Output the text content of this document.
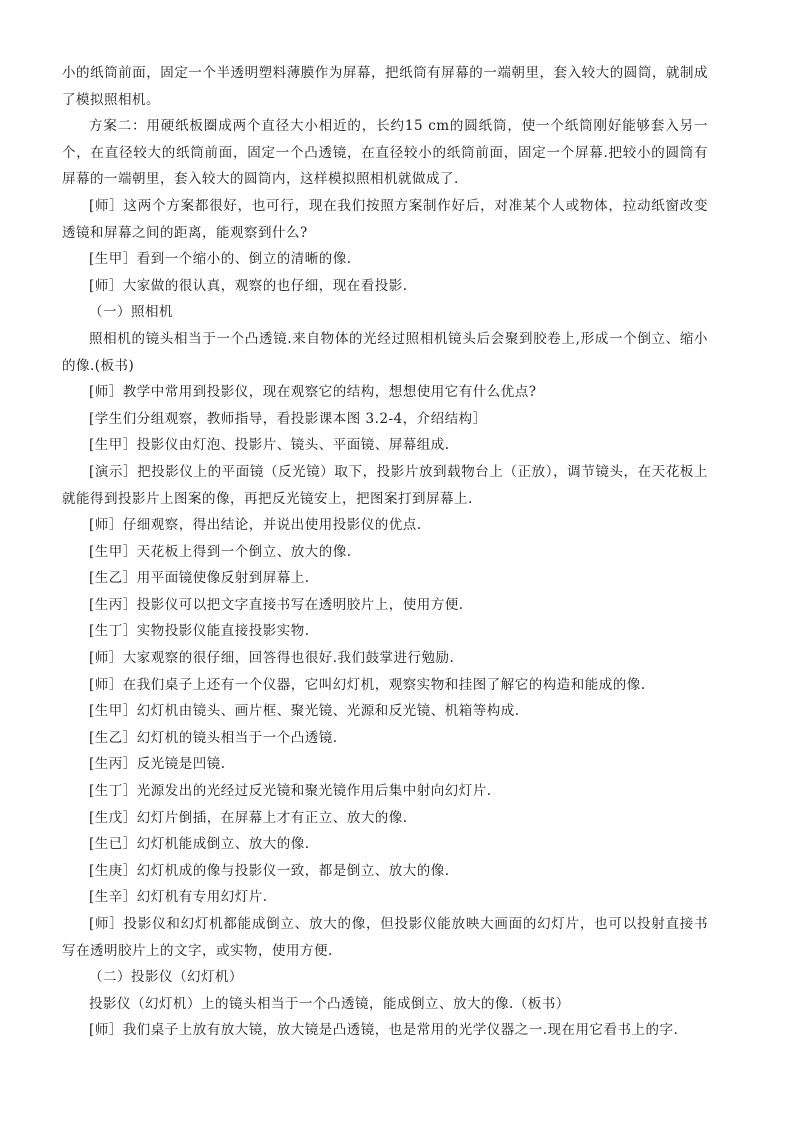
小的纸筒前面，固定一个半透明塑料薄膜作为屏幕，把纸筒有屏幕的一端朝里，套入较大的圆筒，就制成了模拟照相机。

方案二：用硬纸板圈成两个直径大小相近的，长约15 cm的圆纸筒，使一个纸筒刚好能够套入另一个，在直径较大的纸筒前面，固定一个凸透镜，在直径较小的纸筒前面，固定一个屏幕.把较小的圆筒有屏幕的一端朝里，套入较大的圆筒内，这样模拟照相机就做成了.

[师］这两个方案都很好，也可行，现在我们按照方案制作好后，对准某个人或物体，拉动纸窗改变透镜和屏幕之间的距离，能观察到什么?

[生甲］看到一个缩小的、倒立的清晰的像.

[师］大家做的很认真，观察的也仔细，现在看投影.

（一）照相机

照相机的镜头相当于一个凸透镜.来自物体的光经过照相机镜头后会聚到胶卷上,形成一个倒立、缩小的像.(板书)

[师］教学中常用到投影仪，现在观察它的结构，想想使用它有什么优点?

[学生们分组观察，教师指导，看投影课本图 3.2-4，介绍结构］

[生甲］投影仪由灯泡、投影片、镜头、平面镜、屏幕组成.

[演示］把投影仪上的平面镜（反光镜）取下，投影片放到载物台上（正放），调节镜头，在天花板上就能得到投影片上图案的像，再把反光镜安上，把图案打到屏幕上.

[师］仔细观察，得出结论，并说出使用投影仪的优点.

[生甲］天花板上得到一个倒立、放大的像.

[生乙］用平面镜使像反射到屏幕上.

[生丙］投影仪可以把文字直接书写在透明胶片上，使用方便.

[生丁］实物投影仪能直接投影实物.

[师］大家观察的很仔细，回答得也很好.我们鼓掌进行勉励.

[师］在我们桌子上还有一个仪器，它叫幻灯机，观察实物和挂图了解它的构造和能成的像.

[生甲］幻灯机由镜头、画片框、聚光镜、光源和反光镜、机箱等构成.

[生乙］幻灯机的镜头相当于一个凸透镜.

[生丙］反光镜是凹镜.

[生丁］光源发出的光经过反光镜和聚光镜作用后集中射向幻灯片.

[生戊］幻灯片倒插，在屏幕上才有正立、放大的像.

[生已］幻灯机能成倒立、放大的像.

[生庚］幻灯机成的像与投影仪一致，都是倒立、放大的像.

[生辛］幻灯机有专用幻灯片.

[师］投影仪和幻灯机都能成倒立、放大的像，但投影仪能放映大画面的幻灯片，也可以投射直接书写在透明胶片上的文字，或实物，使用方便.

（二）投影仪（幻灯机）

投影仪（幻灯机）上的镜头相当于一个凸透镜，能成倒立、放大的像.（板书）

[师］我们桌子上放有放大镜，放大镜是凸透镜，也是常用的光学仪器之一.现在用它看书上的字.
